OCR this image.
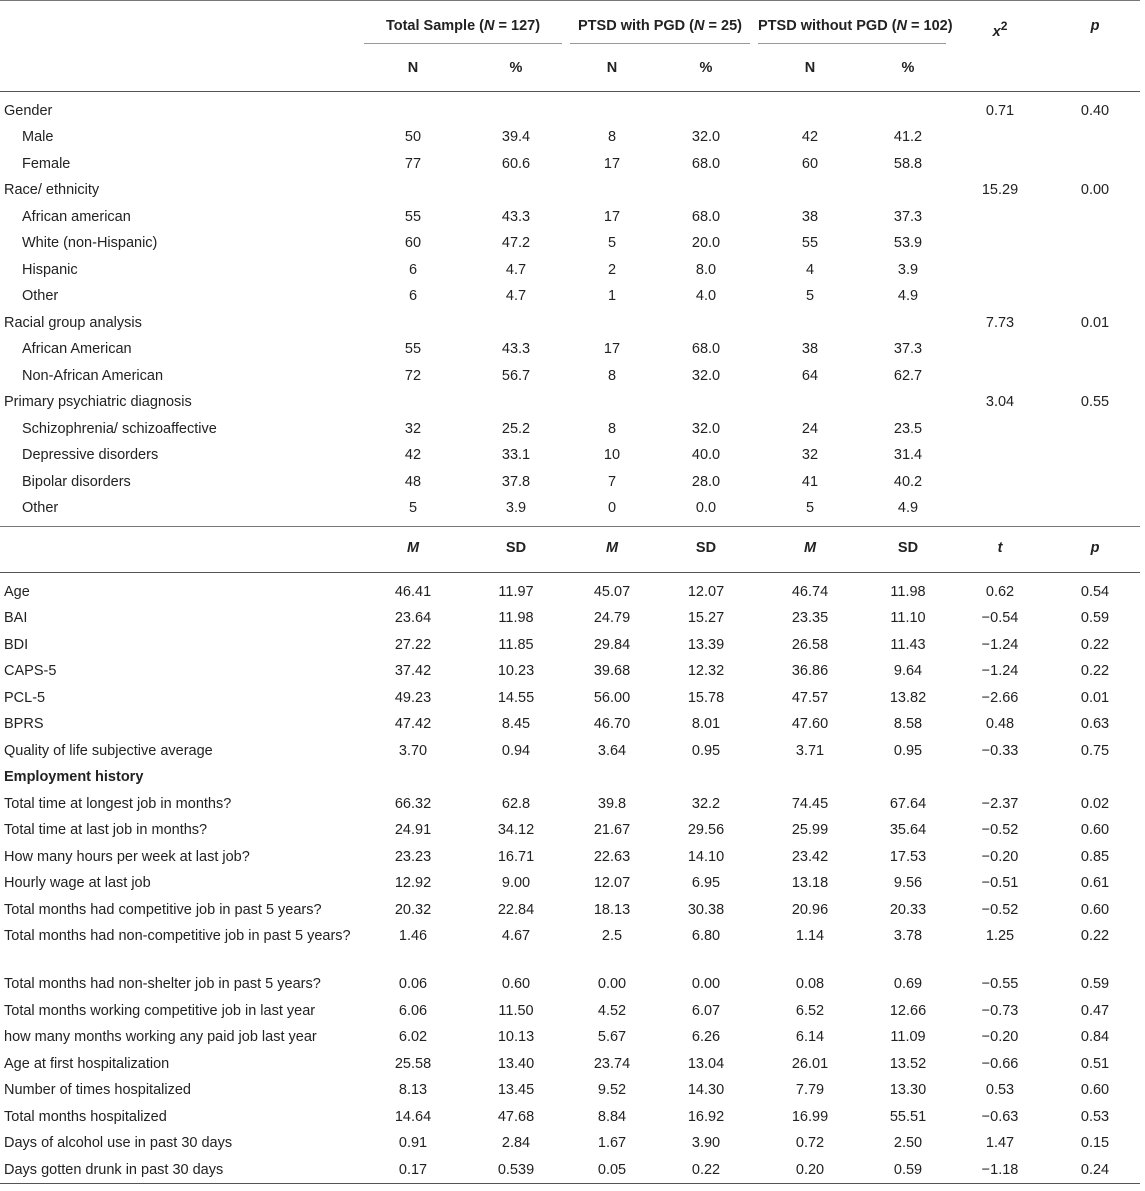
	Total Sample (N = 127)		PTSD with PGD (N = 25)		PTSD without PGD (N = 102)		$x^2$	p
	N	%	N	%	N	%		

Gender							0.71	0.40
Male	50	39.4	8	32.0	42	41.2		
Female	77	60.6	17	68.0	60	58.8		
Race/ ethnicity							15.29	0.00
African american	55	43.3	17	68.0	38	37.3		
White (non-Hispanic)	60	47.2	5	20.0	55	53.9		
Hispanic	6	4.7	2	8.0	4	3.9		
Other	6	4.7	1	4.0	5	4.9		
Racial group analysis							7.73	0.01
African American	55	43.3	17	68.0	38	37.3		
Non-African American	72	56.7	8	32.0	64	62.7		
Primary psychiatric diagnosis							3.04	0.55
Schizophrenia/ schizoaffective	32	25.2	8	32.0	24	23.5		
Depressive disorders	42	33.1	10	40.0	32	31.4		
Bipolar disorders	48	37.8	7	28.0	41	40.2		
Other	5	3.9	0	0.0	5	4.9		

	M	SD	M	SD	M	SD	t	p

Age	46.41	11.97	45.07	12.07	46.74	11.98	0.62	0.54
BAI	23.64	11.98	24.79	15.27	23.35	11.10	−0.54	0.59
BDI	27.22	11.85	29.84	13.39	26.58	11.43	−1.24	0.22
CAPS-5	37.42	10.23	39.68	12.32	36.86	9.64	−1.24	0.22
PCL-5	49.23	14.55	56.00	15.78	47.57	13.82	−2.66	0.01
BPRS	47.42	8.45	46.70	8.01	47.60	8.58	0.48	0.63
Quality of life subjective average	3.70	0.94	3.64	0.95	3.71	0.95	−0.33	0.75
Employment history								
Total time at longest job in months?	66.32	62.8	39.8	32.2	74.45	67.64	−2.37	0.02
Total time at last job in months?	24.91	34.12	21.67	29.56	25.99	35.64	−0.52	0.60
How many hours per week at last job?	23.23	16.71	22.63	14.10	23.42	17.53	−0.20	0.85
Hourly wage at last job	12.92	9.00	12.07	6.95	13.18	9.56	−0.51	0.61
Total months had competitive job in past 5 years?	20.32	22.84	18.13	30.38	20.96	20.33	−0.52	0.60
Total months had non-competitive job in past 5 years?	1.46	4.67	2.5	6.80	1.14	3.78	1.25	0.22
Total months had non-shelter job in past 5 years?	0.06	0.60	0.00	0.00	0.08	0.69	−0.55	0.59
Total months working competitive job in last year	6.06	11.50	4.52	6.07	6.52	12.66	−0.73	0.47
how many months working any paid job last year	6.02	10.13	5.67	6.26	6.14	11.09	−0.20	0.84
Age at first hospitalization	25.58	13.40	23.74	13.04	26.01	13.52	−0.66	0.51
Number of times hospitalized	8.13	13.45	9.52	14.30	7.79	13.30	0.53	0.60
Total months hospitalized	14.64	47.68	8.84	16.92	16.99	55.51	−0.63	0.53
Days of alcohol use in past 30 days	0.91	2.84	1.67	3.90	0.72	2.50	1.47	0.15
Days gotten drunk in past 30 days	0.17	0.539	0.05	0.22	0.20	0.59	−1.18	0.24
